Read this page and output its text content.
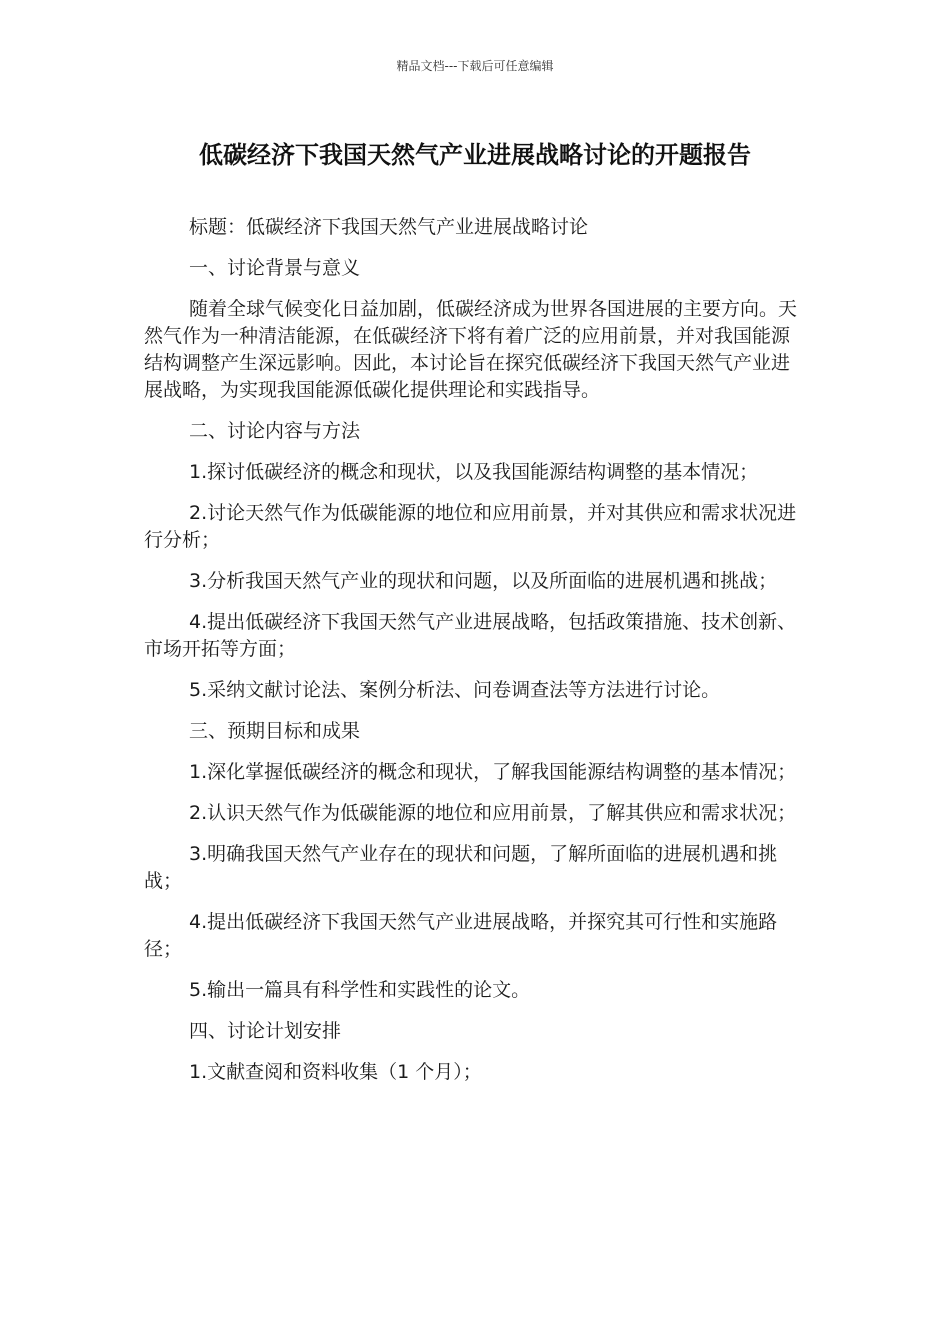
精品文档---下载后可任意编辑
低碳经济下我国天然气产业进展战略讨论的开题报告

标题：低碳经济下我国天然气产业进展战略讨论

一、讨论背景与意义

随着全球气候变化日益加剧，低碳经济成为世界各国进展的主要方向。天然气作为一种清洁能源，在低碳经济下将有着广泛的应用前景，并对我国能源结构调整产生深远影响。因此，本讨论旨在探究低碳经济下我国天然气产业进展战略，为实现我国能源低碳化提供理论和实践指导。

二、讨论内容与方法

1.探讨低碳经济的概念和现状，以及我国能源结构调整的基本情况；

2.讨论天然气作为低碳能源的地位和应用前景，并对其供应和需求状况进行分析；

3.分析我国天然气产业的现状和问题，以及所面临的进展机遇和挑战；

4.提出低碳经济下我国天然气产业进展战略，包括政策措施、技术创新、市场开拓等方面；

5.采纳文献讨论法、案例分析法、问卷调查法等方法进行讨论。

三、预期目标和成果

1.深化掌握低碳经济的概念和现状，了解我国能源结构调整的基本情况；

2.认识天然气作为低碳能源的地位和应用前景，了解其供应和需求状况；

3.明确我国天然气产业存在的现状和问题，了解所面临的进展机遇和挑战；

4.提出低碳经济下我国天然气产业进展战略，并探究其可行性和实施路径；

5.输出一篇具有科学性和实践性的论文。

四、讨论计划安排

1.文献查阅和资料收集（1 个月）；
